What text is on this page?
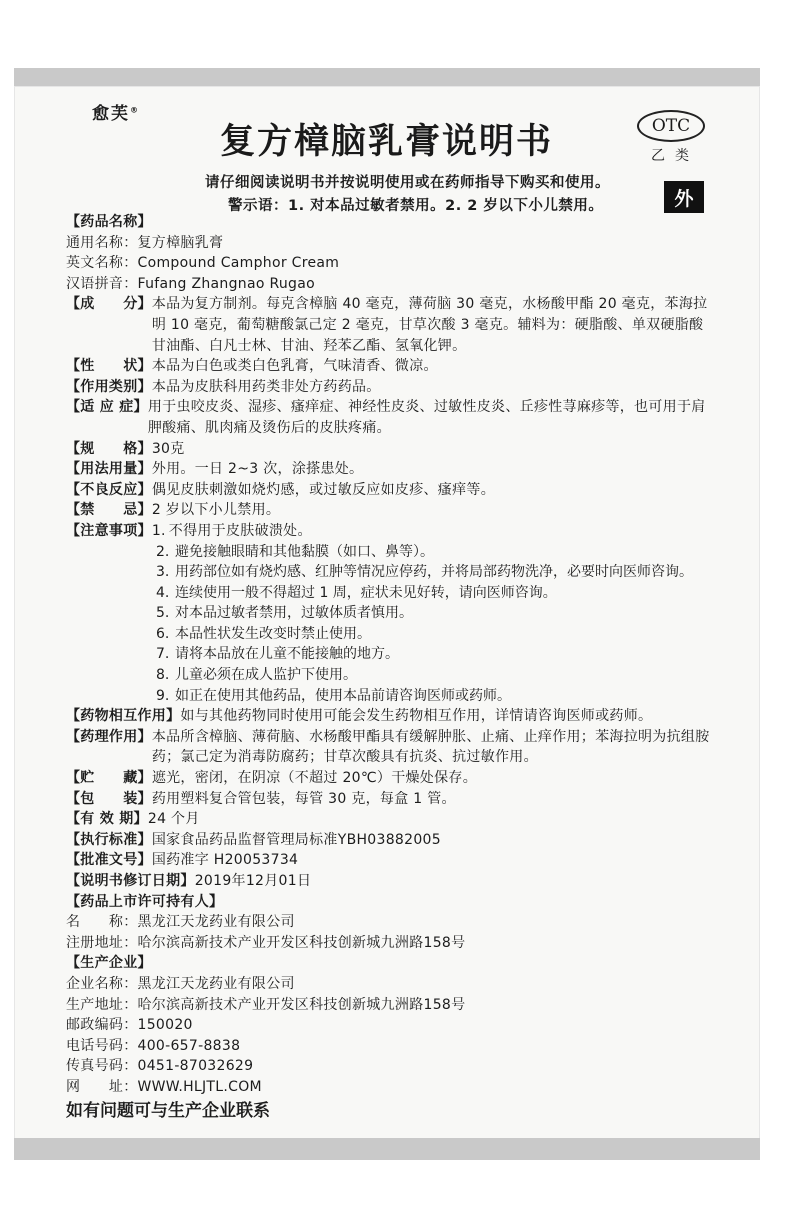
愈芙®
复方樟脑乳膏说明书	OTC
乙类
请仔细阅读说明书并按说明使用或在药师指导下购买和使用。
警示语：1. 对本品过敏者禁用。2. 2 岁以下小儿禁用。	外
【药品名称】
通用名称： 复方樟脑乳膏
英文名称： Compound Camphor Cream
汉语拼音： Fufang Zhangnao Rugao
【成　　分】 本品为复方制剂。每克含樟脑 40 毫克，薄荷脑 30 毫克，水杨酸甲酯 20 毫克，苯海拉明 10 毫克，葡萄糖酸氯己定 2 毫克，甘草次酸 3 毫克。辅料为：硬脂酸、单双硬脂酸甘油酯、白凡士林、甘油、羟苯乙酯、氢氧化钾。
【性　　状】 本品为白色或类白色乳膏，气味清香、微凉。
【作用类别】 本品为皮肤科用药类非处方药药品。
【适 应 症】 用于虫咬皮炎、湿疹、瘙痒症、神经性皮炎、过敏性皮炎、丘疹性荨麻疹等，也可用于肩胛酸痛、肌肉痛及烫伤后的皮肤疼痛。
【规　　格】 30克
【用法用量】 外用。一日 2~3 次，涂搽患处。
【不良反应】 偶见皮肤刺激如烧灼感，或过敏反应如皮疹、瘙痒等。
【禁　　忌】 2 岁以下小儿禁用。
【注意事项】 1. 不得用于皮肤破溃处。
2. 避免接触眼睛和其他黏膜（如口、鼻等）。
3. 用药部位如有烧灼感、红肿等情况应停药，并将局部药物洗净，必要时向医师咨询。
4. 连续使用一般不得超过 1 周，症状未见好转，请向医师咨询。
5. 对本品过敏者禁用，过敏体质者慎用。
6. 本品性状发生改变时禁止使用。
7. 请将本品放在儿童不能接触的地方。
8. 儿童必须在成人监护下使用。
9. 如正在使用其他药品，使用本品前请咨询医师或药师。
【药物相互作用】 如与其他药物同时使用可能会发生药物相互作用，详情请咨询医师或药师。
【药理作用】 本品所含樟脑、薄荷脑、水杨酸甲酯具有缓解肿胀、止痛、止痒作用；苯海拉明为抗组胺药；氯己定为消毒防腐药；甘草次酸具有抗炎、抗过敏作用。
【贮　　藏】 遮光，密闭，在阴凉（不超过 20℃）干燥处保存。
【包　　装】 药用塑料复合管包装，每管 30 克，每盒 1 管。
【有 效 期】 24 个月
【执行标准】 国家食品药品监督管理局标准YBH03882005
【批准文号】 国药准字 H20053734
【说明书修订日期】 2019年12月01日
【药品上市许可持有人】
名　　称： 黑龙江天龙药业有限公司
注册地址： 哈尔滨高新技术产业开发区科技创新城九洲路158号
【生产企业】
企业名称： 黑龙江天龙药业有限公司
生产地址： 哈尔滨高新技术产业开发区科技创新城九洲路158号
邮政编码： 150020
电话号码： 400-657-8838
传真号码： 0451-87032629
网　　址： WWW.HLJTL.COM
如有问题可与生产企业联系
